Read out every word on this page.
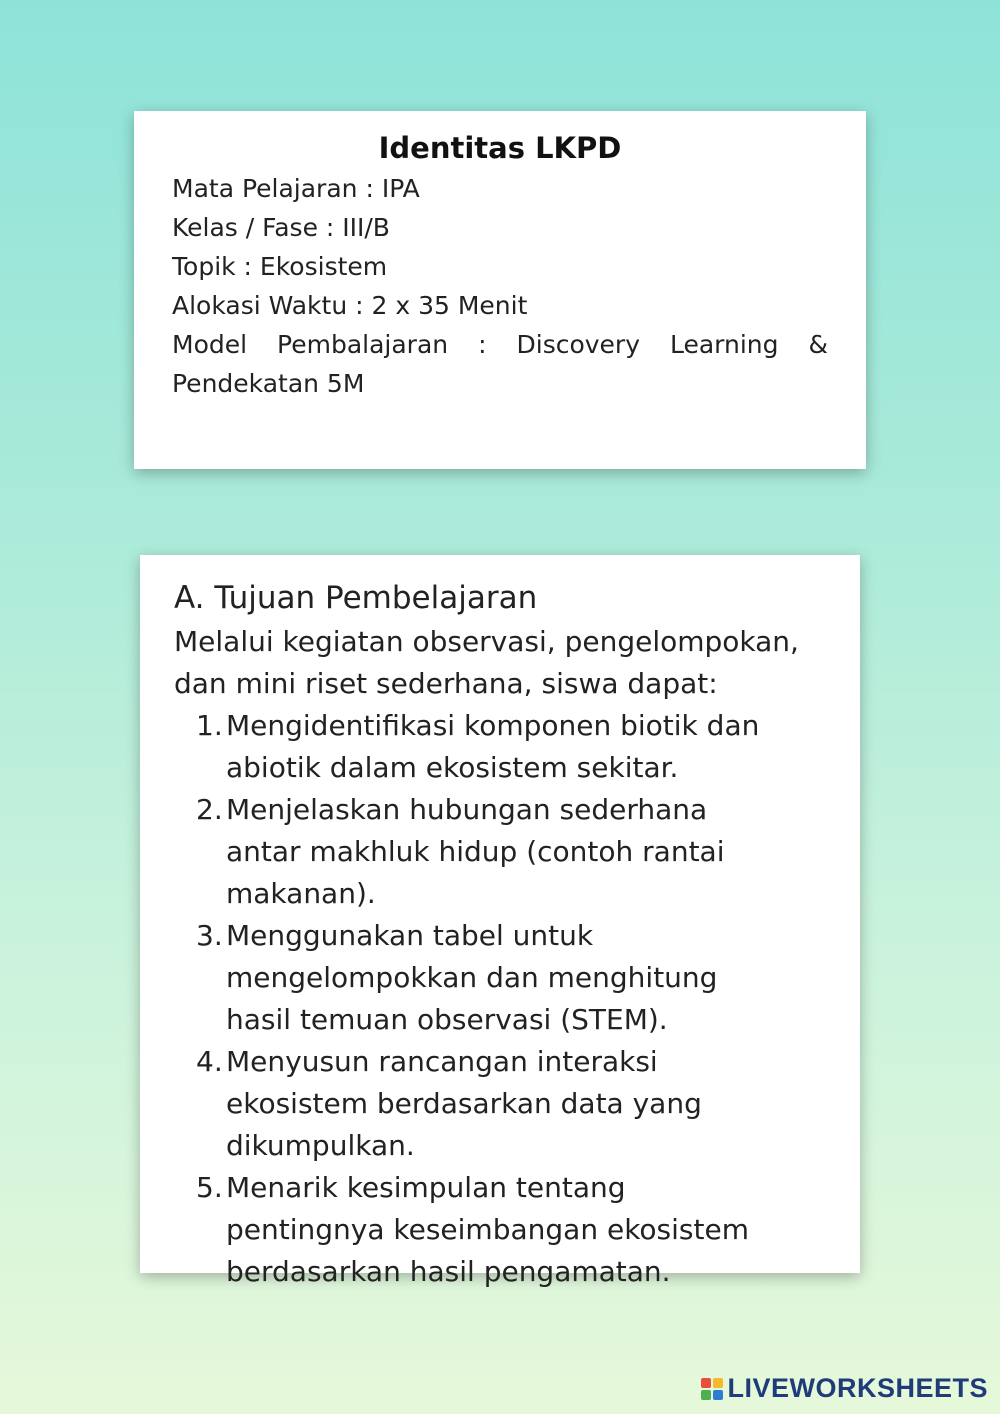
Identitas LKPD
Mata Pelajaran : IPA
Kelas / Fase : III/B
Topik : Ekosistem
Alokasi Waktu : 2 x 35 Menit
Model Pembalajaran : Discovery Learning &
Pendekatan 5M
A. Tujuan Pembelajaran
Melalui kegiatan observasi, pengelompokan, dan mini riset sederhana, siswa dapat:
1. Mengidentifikasi komponen biotik dan abiotik dalam ekosistem sekitar.
2. Menjelaskan hubungan sederhana antar makhluk hidup (contoh rantai makanan).
3. Menggunakan tabel untuk mengelompokkan dan menghitung hasil temuan observasi (STEM).
4. Menyusun rancangan interaksi ekosistem berdasarkan data yang dikumpulkan.
5. Menarik kesimpulan tentang pentingnya keseimbangan ekosistem berdasarkan hasil pengamatan.
LIVEWORKSHEETS
